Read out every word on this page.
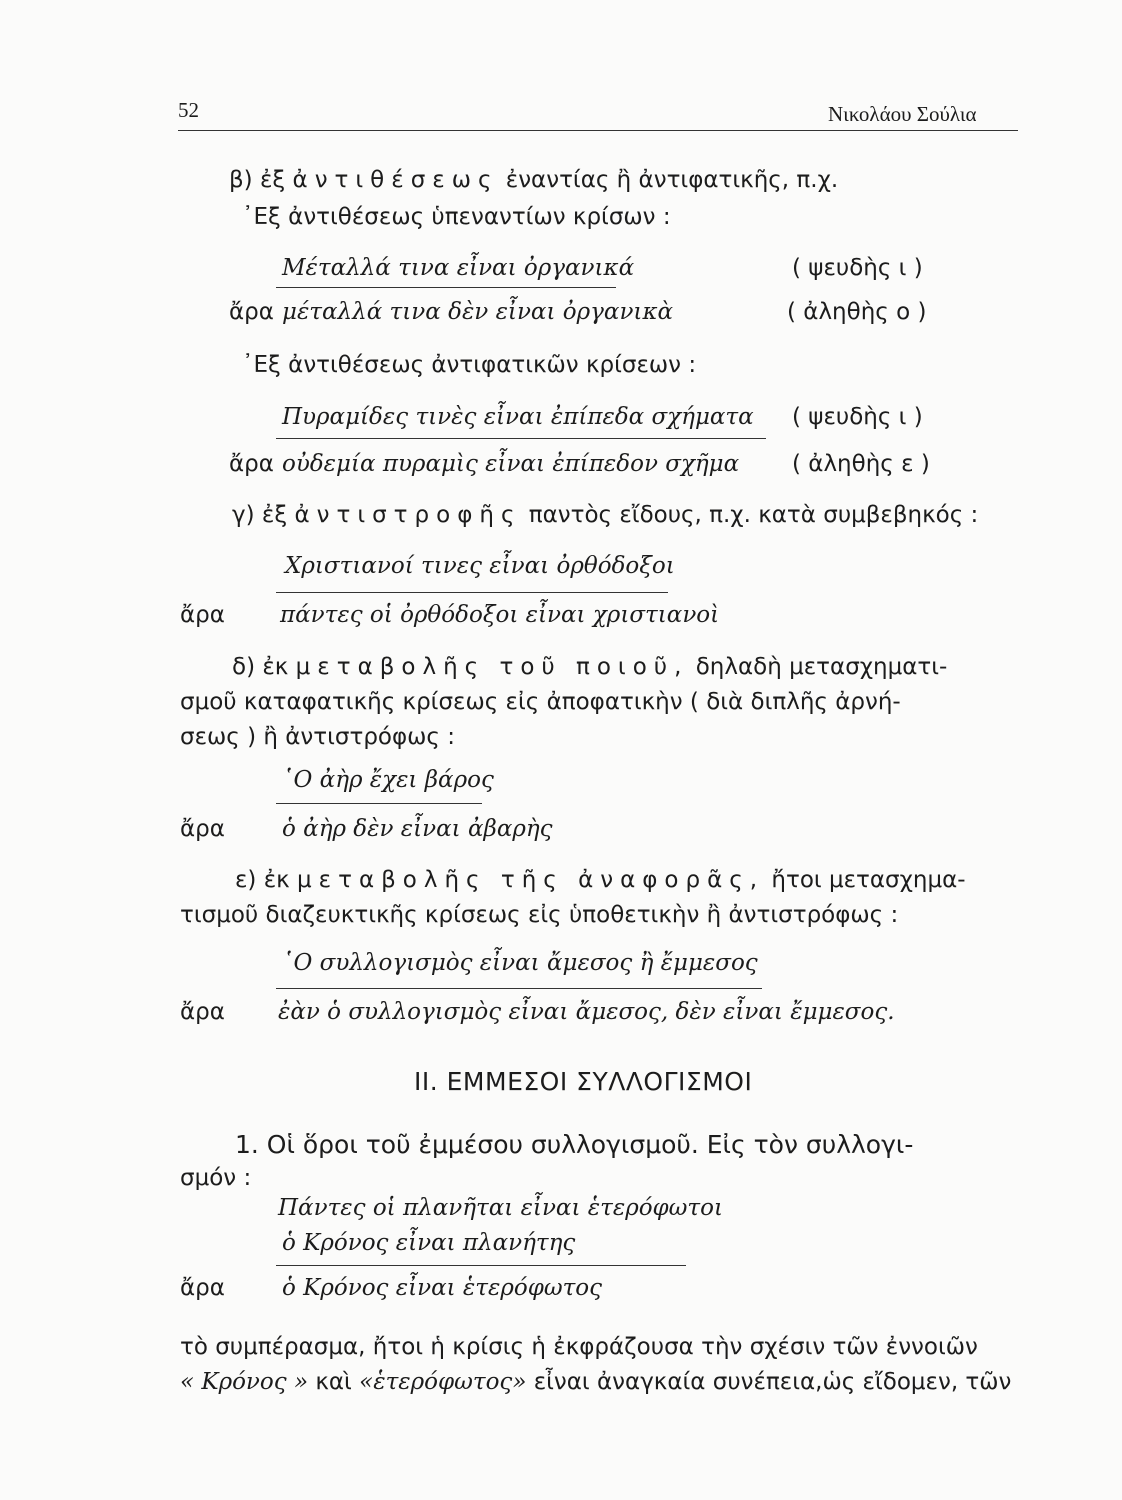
52	Νικολάου Σούλια
β) ἐξ ἀντιθέσεως ἐναντίας ἢ ἀντιφατικῆς, π.χ.
᾿Εξ ἀντιθέσεως ὑπεναντίων κρίσων :
Μέταλλά τινα εἶναι ὀργανικά	( ψευδὴς ι )
ἄρα μέταλλά τινα δὲν εἶναι ὀργανικὰ	( ἀληθὴς ο )
᾿Εξ ἀντιθέσεως ἀντιφατικῶν κρίσεων :
Πυραμίδες τινὲς εἶναι ἐπίπεδα σχήματα ( ψευδὴς ι )
ἄρα οὐδεμία πυραμὶς εἶναι ἐπίπεδον σχῆμα ( ἀληθὴς ε )
γ) ἐξ ἀντιστροφῆς παντὸς εἴδους, π.χ. κατὰ συμβεβηκός :
Χριστιανοί τινες εἶναι ὀρθόδοξοι
ἄρα πάντες οἱ ὀρθόδοξοι εἶναι χριστιανοὶ
δ) ἐκ μεταβολῆς τοῦ ποιοῦ, δηλαδὴ μετασχηματι-
σμοῦ καταφατικῆς κρίσεως εἰς ἀποφατικὴν ( διὰ διπλῆς ἀρνή-
σεως ) ἢ ἀντιστρόφως :
῾Ο ἀὴρ ἔχει βάρος
ἄρα ὁ ἀὴρ δὲν εἶναι ἀβαρὴς
ε) ἐκ μεταβολῆς τῆς ἀναφορᾶς, ἤτοι μετασχημα-
τισμοῦ διαζευκτικῆς κρίσεως εἰς ὑποθετικὴν ἢ ἀντιστρόφως :
῾Ο συλλογισμὸς εἶναι ἄμεσος ἢ ἔμμεσος
ἄρα ἐὰν ὁ συλλογισμὸς εἶναι ἄμεσος, δὲν εἶναι ἔμμεσος.
II. ΕΜΜΕΣΟΙ ΣΥΛΛΟΓΙΣΜΟΙ
1. Οἱ ὅροι τοῦ ἐμμέσου συλλογισμοῦ. Εἰς τὸν συλλογι-
σμόν :
Πάντες οἱ πλανῆται εἶναι ἑτερόφωτοι
ὁ Κρόνος εἶναι πλανήτης
ἄρα ὁ Κρόνος εἶναι ἑτερόφωτος
τὸ συμπέρασμα, ἤτοι ἡ κρίσις ἡ ἐκφράζουσα τὴν σχέσιν τῶν ἐννοιῶν
« Κρόνος » καὶ «ἑτερόφωτος» εἶναι ἀναγκαία συνέπεια,ὡς εἴδομεν, τῶν
